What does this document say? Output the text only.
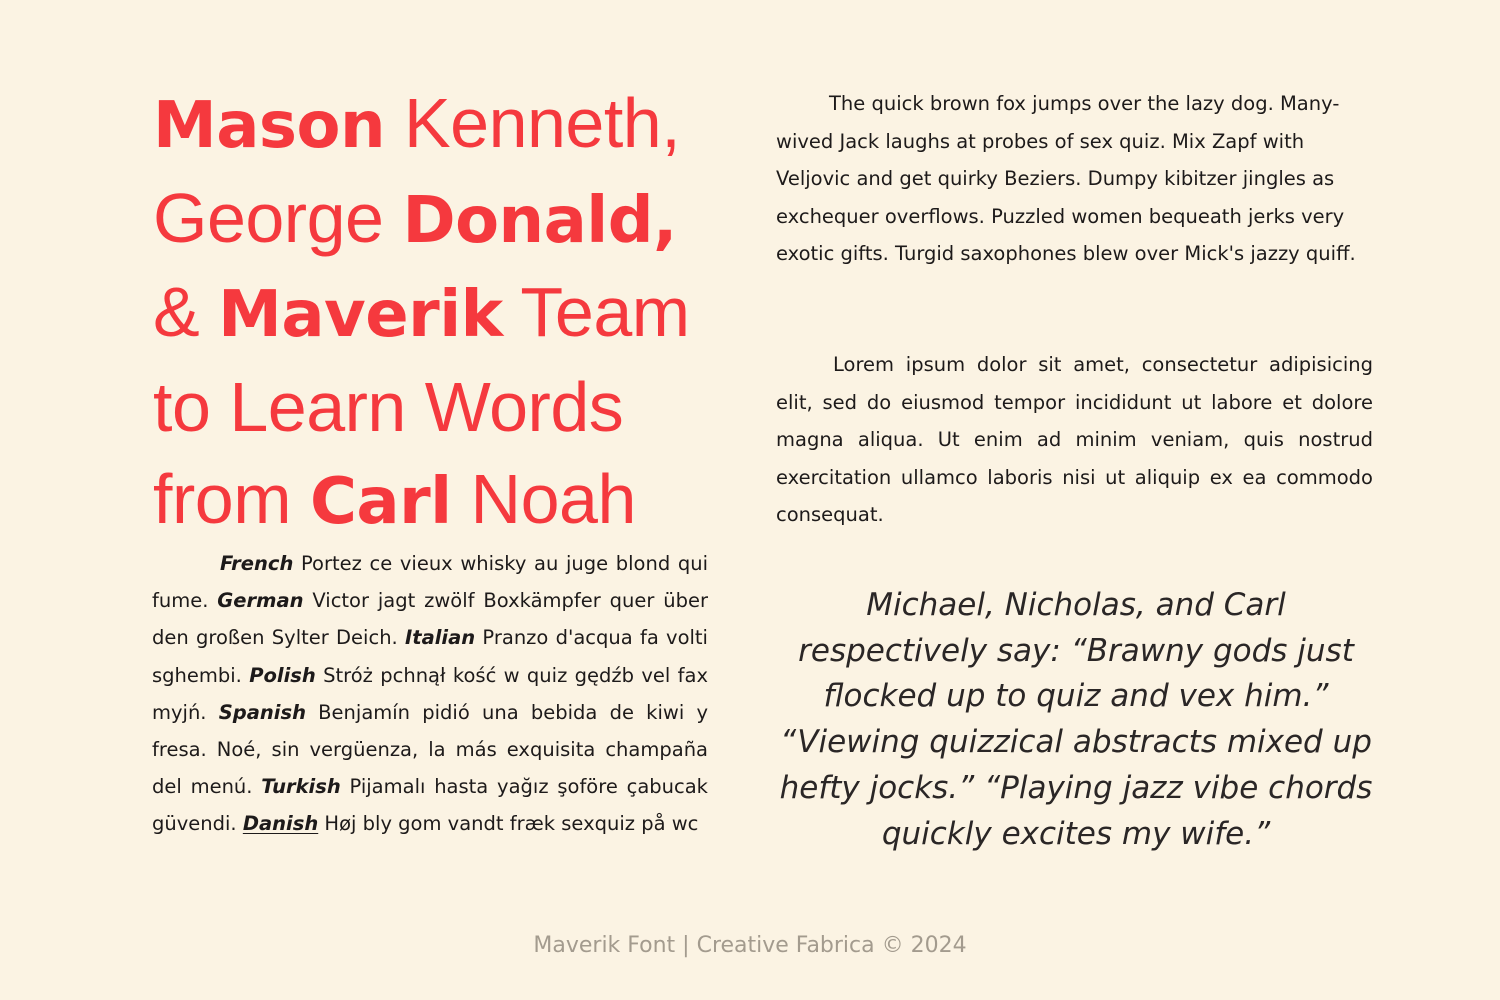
Mason Kenneth,
George Donald,
& Maverik Team
to Learn Words
from Carl Noah

French Portez ce vieux whisky au juge blond qui fume. German Victor jagt zwölf Boxkämpfer quer über den großen Sylter Deich. Italian Pranzo d'acqua fa volti sghembi. Polish Stróż pchnął kość w quiz gędźb vel fax myjń. Spanish Benjamín pidió una bebida de kiwi y fresa. Noé, sin vergüenza, la más exquisita champaña del menú. Turkish Pijamalı hasta yağız şoföre çabucak güvendi. Danish Høj bly gom vandt fræk sexquiz på wc

The quick brown fox jumps over the lazy dog. Many-wived Jack laughs at probes of sex quiz. Mix Zapf with Veljovic and get quirky Beziers. Dumpy kibitzer jingles as exchequer overflows. Puzzled women bequeath jerks very exotic gifts. Turgid saxophones blew over Mick's jazzy quiff.

Lorem ipsum dolor sit amet, consectetur adipisicing elit, sed do eiusmod tempor incididunt ut labore et dolore magna aliqua. Ut enim ad minim veniam, quis nostrud exercitation ullamco laboris nisi ut aliquip ex ea commodo consequat.

Michael, Nicholas, and Carl respectively say: “Brawny gods just flocked up to quiz and vex him.” “Viewing quizzical abstracts mixed up hefty jocks.” “Playing jazz vibe chords quickly excites my wife.”

Maverik Font | Creative Fabrica © 2024
